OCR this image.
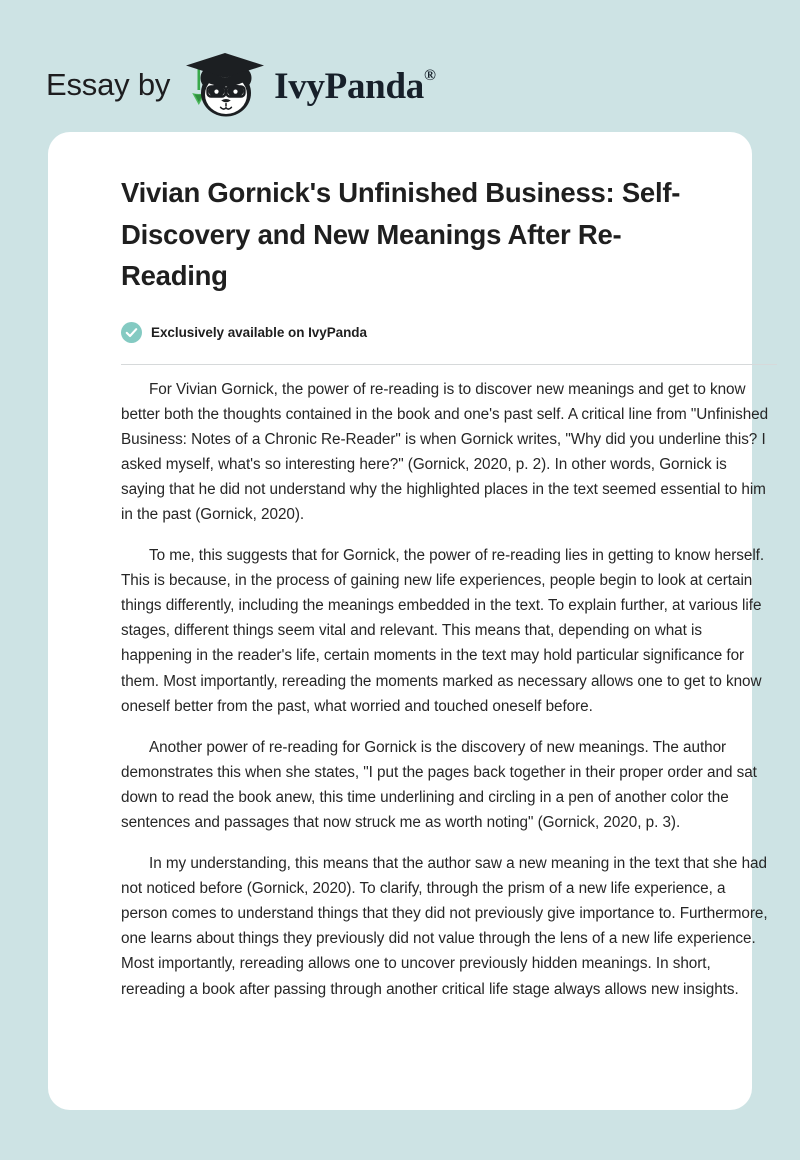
Essay by	IvyPanda®
Vivian Gornick's Unfinished Business: Self-Discovery and New Meanings After Re-Reading
Exclusively available on IvyPanda

For Vivian Gornick, the power of re-reading is to discover new meanings and get to know better both the thoughts contained in the book and one's past self. A critical line from "Unfinished Business: Notes of a Chronic Re-Reader" is when Gornick writes, "Why did you underline this? I asked myself, what's so interesting here?" (Gornick, 2020, p. 2). In other words, Gornick is saying that he did not understand why the highlighted places in the text seemed essential to him in the past (Gornick, 2020).

To me, this suggests that for Gornick, the power of re-reading lies in getting to know herself. This is because, in the process of gaining new life experiences, people begin to look at certain things differently, including the meanings embedded in the text. To explain further, at various life stages, different things seem vital and relevant. This means that, depending on what is happening in the reader's life, certain moments in the text may hold particular significance for them. Most importantly, rereading the moments marked as necessary allows one to get to know oneself better from the past, what worried and touched oneself before.

Another power of re-reading for Gornick is the discovery of new meanings. The author demonstrates this when she states, "I put the pages back together in their proper order and sat down to read the book anew, this time underlining and circling in a pen of another color the sentences and passages that now struck me as worth noting" (Gornick, 2020, p. 3).

In my understanding, this means that the author saw a new meaning in the text that she had not noticed before (Gornick, 2020). To clarify, through the prism of a new life experience, a person comes to understand things that they did not previously give importance to. Furthermore, one learns about things they previously did not value through the lens of a new life experience. Most importantly, rereading allows one to uncover previously hidden meanings. In short, rereading a book after passing through another critical life stage always allows new insights.
